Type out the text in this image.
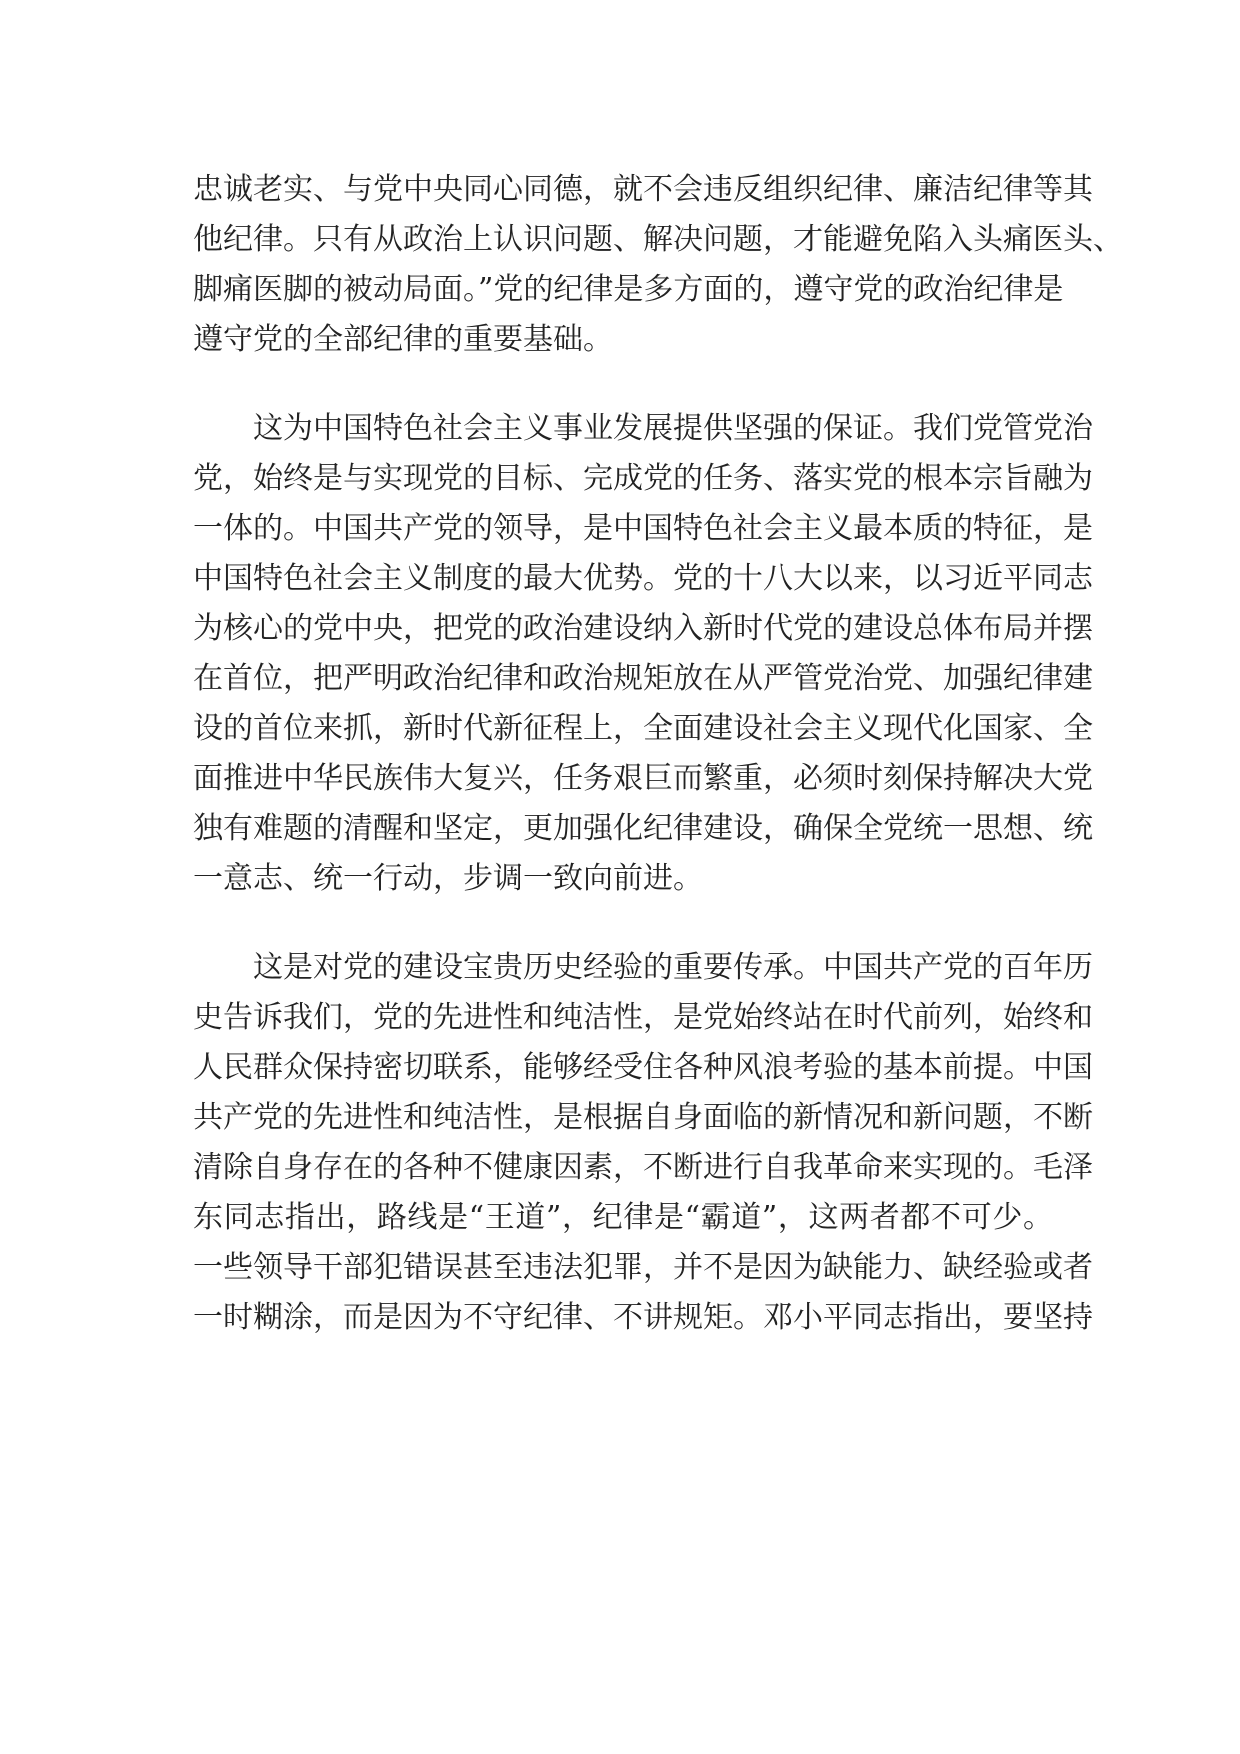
忠诚老实、与党中央同心同德，就不会违反组织纪律、廉洁纪律等其
他纪律。只有从政治上认识问题、解决问题，才能避免陷入头痛医头、
脚痛医脚的被动局面。”党的纪律是多方面的，遵守党的政治纪律是
遵守党的全部纪律的重要基础。
这为中国特色社会主义事业发展提供坚强的保证。我们党管党治
党，始终是与实现党的目标、完成党的任务、落实党的根本宗旨融为
一体的。中国共产党的领导，是中国特色社会主义最本质的特征，是
中国特色社会主义制度的最大优势。党的十八大以来，以习近平同志
为核心的党中央，把党的政治建设纳入新时代党的建设总体布局并摆
在首位，把严明政治纪律和政治规矩放在从严管党治党、加强纪律建
设的首位来抓，新时代新征程上，全面建设社会主义现代化国家、全
面推进中华民族伟大复兴，任务艰巨而繁重，必须时刻保持解决大党
独有难题的清醒和坚定，更加强化纪律建设，确保全党统一思想、统
一意志、统一行动，步调一致向前进。
这是对党的建设宝贵历史经验的重要传承。中国共产党的百年历
史告诉我们，党的先进性和纯洁性，是党始终站在时代前列，始终和
人民群众保持密切联系，能够经受住各种风浪考验的基本前提。中国
共产党的先进性和纯洁性，是根据自身面临的新情况和新问题，不断
清除自身存在的各种不健康因素，不断进行自我革命来实现的。毛泽
东同志指出，路线是“王道”，纪律是“霸道”，这两者都不可少。
一些领导干部犯错误甚至违法犯罪，并不是因为缺能力、缺经验或者
一时糊涂，而是因为不守纪律、不讲规矩。邓小平同志指出，要坚持
